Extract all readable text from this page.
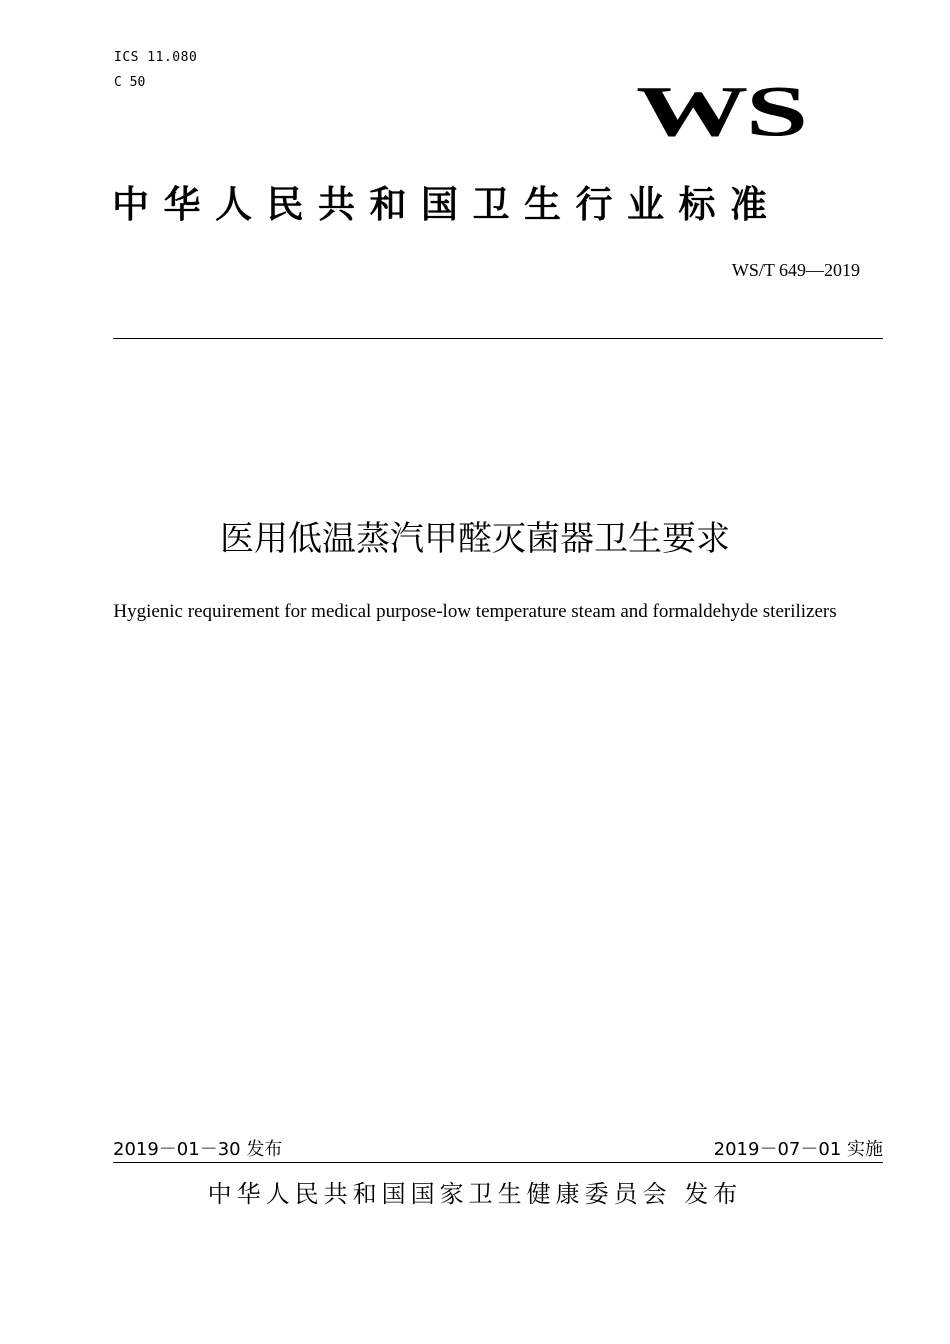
ICS 11.080
C 50	WS
中华人民共和国卫生行业标准
WS/T 649—2019
医用低温蒸汽甲醛灭菌器卫生要求
Hygienic requirement for medical purpose-low temperature steam and formaldehyde sterilizers
2019－01－30 发布	2019－07－01 实施
中华人民共和国国家卫生健康委员会 发布
